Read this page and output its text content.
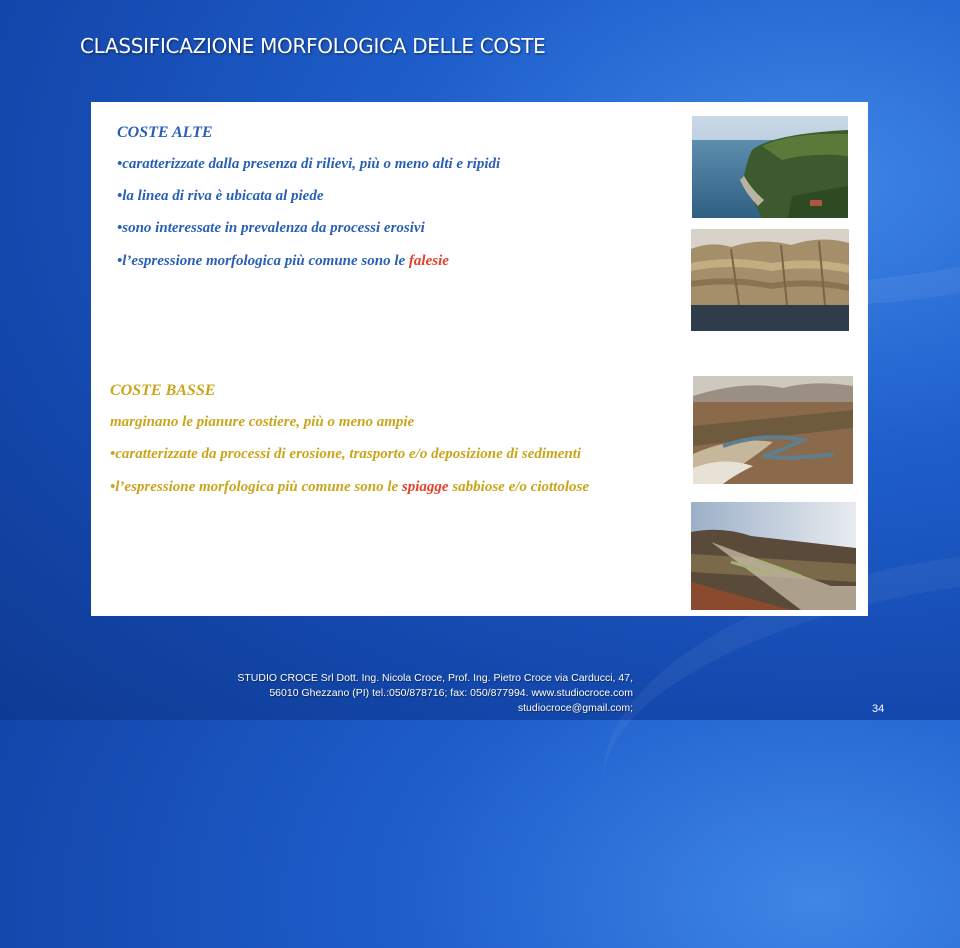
CLASSIFICAZIONE MORFOLOGICA DELLE COSTE
COSTE ALTE
•caratterizzate dalla presenza di rilievi, più o meno alti e ripidi
•la linea di riva è ubicata al piede
•sono interessate in prevalenza da processi erosivi
•l’espressione morfologica più comune sono le falesie
COSTE BASSE
marginano le pianure costiere, più o meno ampie
•caratterizzate da processi di erosione, trasporto e/o deposizione di sedimenti
•l’espressione morfologica più comune sono le spiagge sabbiose e/o ciottolose
STUDIO CROCE Srl Dott. Ing. Nicola Croce, Prof. Ing. Pietro Croce via Carducci, 47,
56010 Ghezzano (PI) tel.:050/878716; fax: 050/877994. www.studiocroce.com
studiocroce@gmail.com;	34
